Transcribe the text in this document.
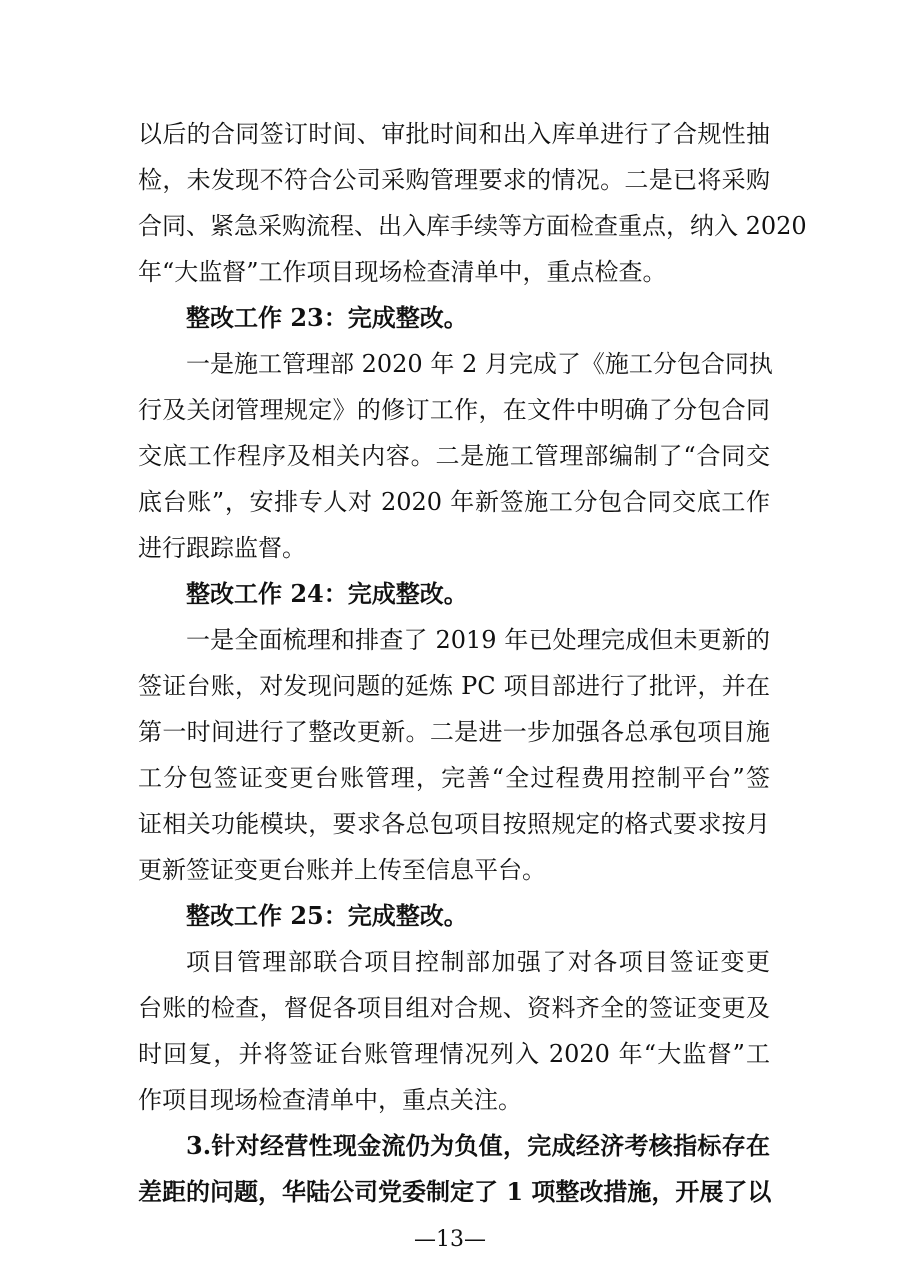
以后的合同签订时间、审批时间和出入库单进行了合规性抽
检，未发现不符合公司采购管理要求的情况。二是已将采购
合同、紧急采购流程、出入库手续等方面检查重点，纳入 2020
年“大监督”工作项目现场检查清单中，重点检查。
整改工作 23：完成整改。
一是施工管理部 2020 年 2 月完成了《施工分包合同执
行及关闭管理规定》的修订工作，在文件中明确了分包合同
交底工作程序及相关内容。二是施工管理部编制了“合同交
底台账”，安排专人对 2020 年新签施工分包合同交底工作
进行跟踪监督。
整改工作 24：完成整改。
一是全面梳理和排查了 2019 年已处理完成但未更新的
签证台账，对发现问题的延炼 PC 项目部进行了批评，并在
第一时间进行了整改更新。二是进一步加强各总承包项目施
工分包签证变更台账管理，完善“全过程费用控制平台”签
证相关功能模块，要求各总包项目按照规定的格式要求按月
更新签证变更台账并上传至信息平台。
整改工作 25：完成整改。
项目管理部联合项目控制部加强了对各项目签证变更
台账的检查，督促各项目组对合规、资料齐全的签证变更及
时回复，并将签证台账管理情况列入 2020 年“大监督”工
作项目现场检查清单中，重点关注。
3.针对经营性现金流仍为负值，完成经济考核指标存在
差距的问题，华陆公司党委制定了 1 项整改措施，开展了以
—13—
